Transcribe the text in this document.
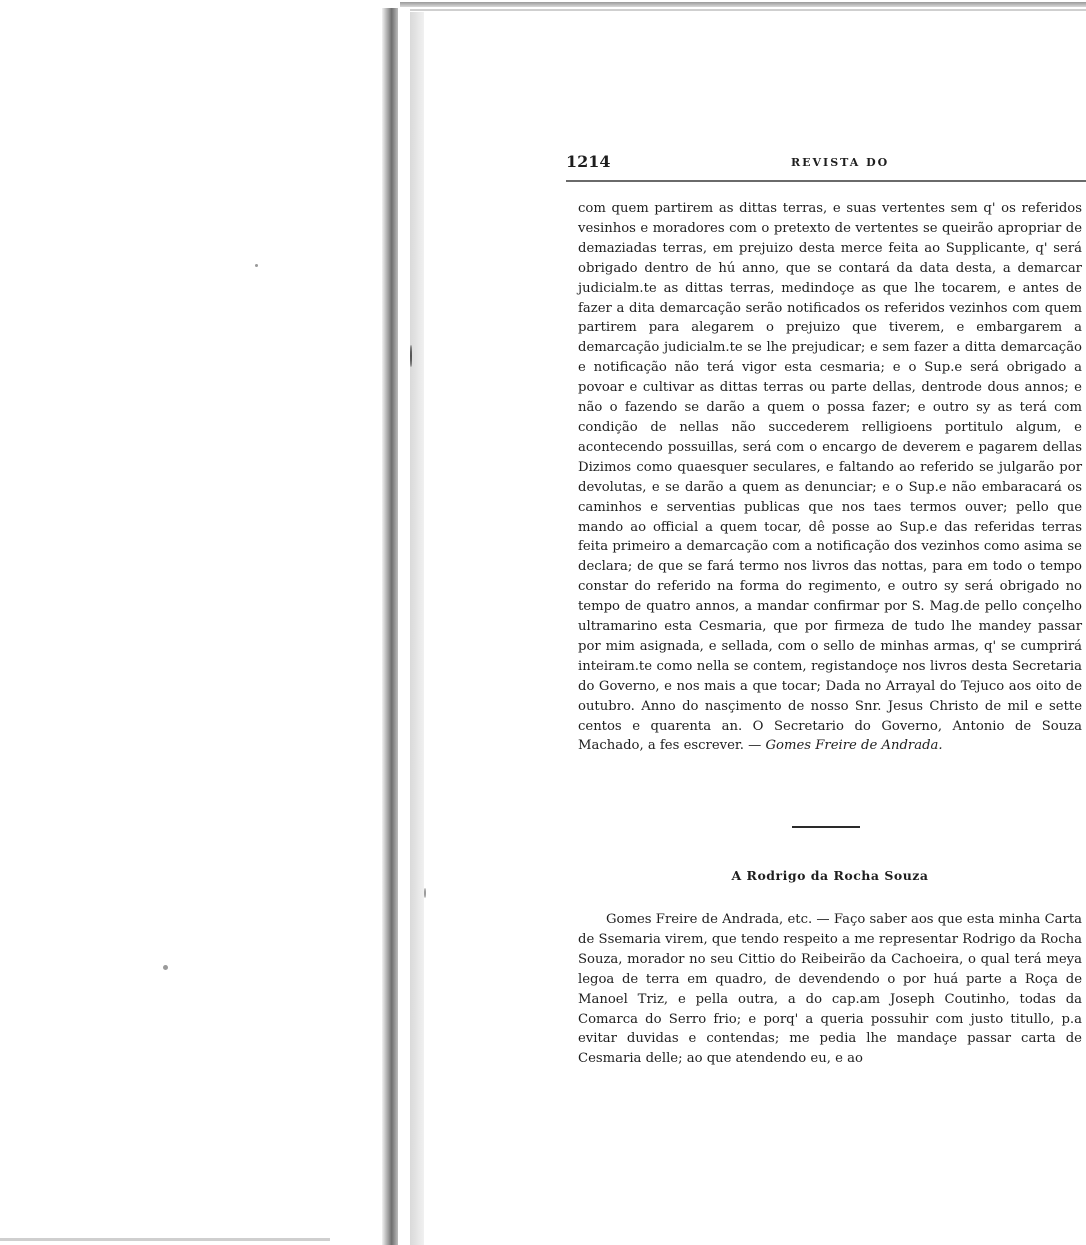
1214	REVISTA DO

com quem partirem as dittas terras, e suas vertentes sem q' os referidos vesinhos e moradores com o pretexto de vertentes se queirão apropriar de demaziadas terras, em prejuizo desta merce feita ao Supplicante, q' será obrigado dentro de hú anno, que se contará da data desta, a demarcar judicialm.te as dittas terras, medindoçe as que lhe tocarem, e antes de fazer a dita demarcação serão notificados os referidos vezinhos com quem partirem para alegarem o prejuizo que tiverem, e embargarem a demarcação judicialm.te se lhe prejudicar; e sem fazer a ditta demarcação e notificação não terá vigor esta cesmaria; e o Sup.e será obrigado a povoar e cultivar as dittas terras ou parte dellas, dentrode dous annos; e não o fazendo se darão a quem o possa fazer; e outro sy as terá com condição de nellas não succederem relligioens portitulo algum, e acontecendo possuillas, será com o encargo de deverem e pagarem dellas Dizimos como quaesquer seculares, e faltando ao referido se julgarão por devolutas, e se darão a quem as denunciar; e o Sup.e não embaracará os caminhos e serventias publicas que nos taes termos ouver; pello que mando ao official a quem tocar, dê posse ao Sup.e das referidas terras feita primeiro a demarcação com a notificação dos vezinhos como asima se declara; de que se fará termo nos livros das nottas, para em todo o tempo constar do referido na forma do regimento, e outro sy será obrigado no tempo de quatro annos, a mandar confirmar por S. Mag.de pello conçelho ultramarino esta Cesmaria, que por firmeza de tudo lhe mandey passar por mim asignada, e sellada, com o sello de minhas armas, q' se cumprirá inteiram.te como nella se contem, registandoçe nos livros desta Secretaria do Governo, e nos mais a que tocar; Dada no Arrayal do Tejuco aos oito de outubro. Anno do nasçimento de nosso Snr. Jesus Christo de mil e sette centos e quarenta an. O Secretario do Governo, Antonio de Souza Machado, a fes escrever. — Gomes Freire de Andrada.

A Rodrigo da Rocha Souza

Gomes Freire de Andrada, etc. — Faço saber aos que esta minha Carta de Ssemaria virem, que tendo respeito a me representar Rodrigo da Rocha Souza, morador no seu Cittio do Reibeirão da Cachoeira, o qual terá meya legoa de terra em quadro, de devendendo o por huá parte a Roça de Manoel Triz, e pella outra, a do cap.am Joseph Coutinho, todas da Comarca do Serro frio; e porq' a queria possuhir com justo titullo, p.a evitar duvidas e contendas; me pedia lhe mandaçe passar carta de Cesmaria delle; ao que atendendo eu, e ao
